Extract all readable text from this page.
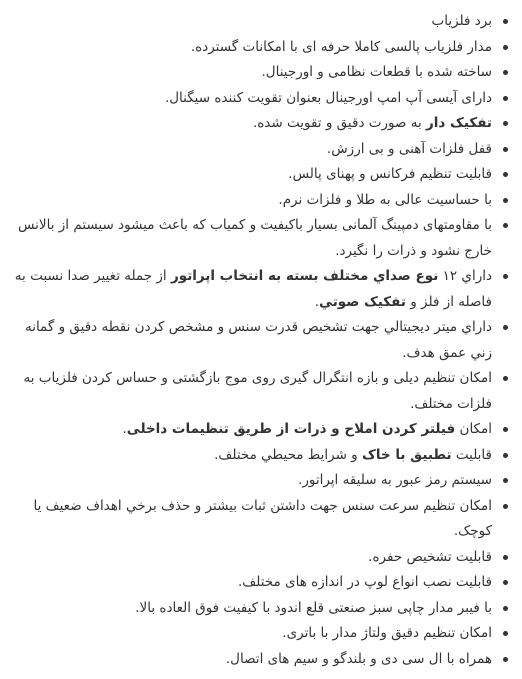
برد فلزیاب
مدار فلزیاب پالسی کاملا حرفه ای با امکانات گسترده.
ساخته شده با قطعات نظامی و اورجینال.
دارای آیسی آپ امپ اورجینال بعنوان تقویت کننده سیگنال.
تفکیک دار به صورت دقیق و تقویت شده.
قفل فلزات آهنی و بی ارزش.
قابلیت تنظیم فرکانس و پهنای پالس.
با حساسیت عالی به طلا و فلزات نرم.
با مقاومتهای دمپینگ آلمانی بسیار باکیفیت و کمیاب که باعث میشود سیستم از بالانس خارج نشود و ذرات را نگیرد.
داراي ۱۲ نوع صداي مختلف بسته به انتخاب اپراتور از جمله تغيير صدا نسبت به فاصله از فلز و تفکیک صوتي.
داراي ميتر ديجيتالي جهت تشخيص قدرت سنس و مشخص كردن نقطه دقيق و گمانه زني عمق هدف.
امکان تنظيم ديلی و بازه انتگرال گيری روی موج بازگشتی و حساس کردن فلزیاب به فلزات مختلف.
امکان فیلتر کردن املاح و ذرات از طريق تنظيمات داخلی.
قابليت تطبيق با خاک و شرايط محيطي مختلف.
سیستم رمز عبور به سلیقه اپراتور.
امکان تنظيم سرعت سنس جهت داشتن ثبات بيشتر و حذف برخي اهداف ضعيف يا کوچک.
قابلیت تشخیص حفره.
قابلیت نصب انواع لوپ در اندازه های مختلف.
با فیبر مدار چاپی سبز صنعتی قلع اندود با کیفیت فوق العاده بالا.
امکان تنظیم دقیق ولتاژ مدار با باتری.
همراه با ال سی دی و بلندگو و سیم های اتصال.
